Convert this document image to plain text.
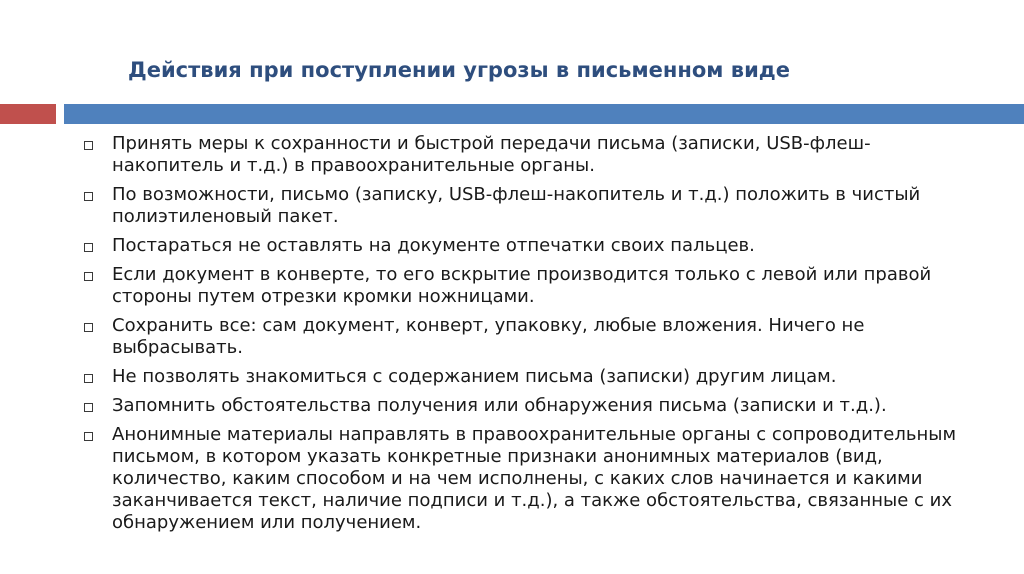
Действия при поступлении угрозы в письменном виде
Принять меры к сохранности и быстрой передачи письма (записки, USB-флеш-накопитель и т.д.) в правоохранительные органы.
По возможности, письмо (записку, USB-флеш-накопитель и т.д.) положить в чистый полиэтиленовый пакет.
Постараться не оставлять на документе отпечатки своих пальцев.
Если документ в конверте, то его вскрытие производится только с левой или правой стороны путем отрезки кромки ножницами.
Сохранить все: сам документ, конверт, упаковку, любые вложения. Ничего не выбрасывать.
Не позволять знакомиться с содержанием письма (записки) другим лицам.
Запомнить обстоятельства получения или обнаружения письма (записки и т.д.).
Анонимные материалы направлять в правоохранительные органы с сопроводительным письмом, в котором указать конкретные признаки анонимных материалов (вид, количество, каким способом и на чем исполнены, с каких слов начинается и какими заканчивается текст, наличие подписи и т.д.), а также обстоятельства, связанные с их обнаружением или получением.
